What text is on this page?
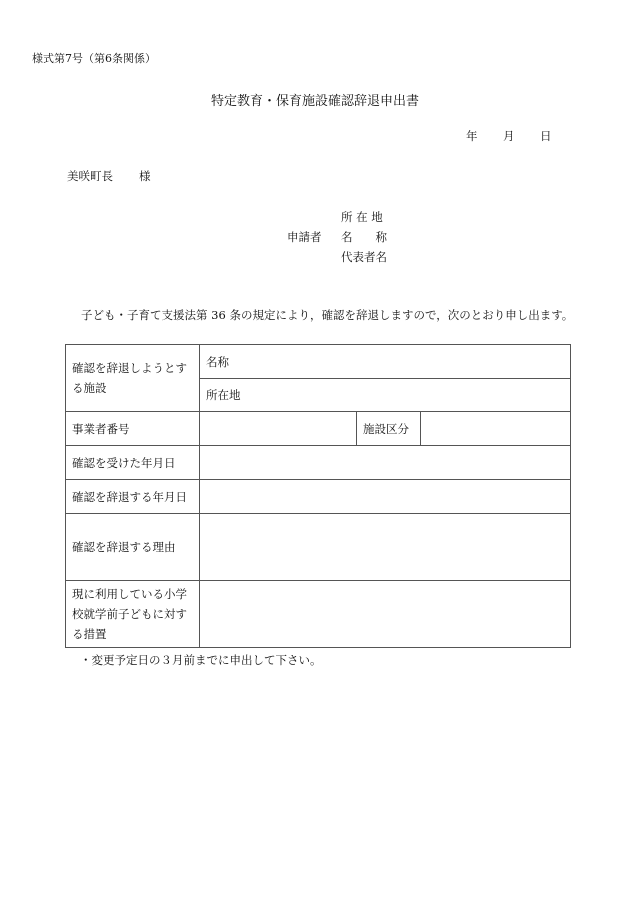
様式第7号（第6条関係）
特定教育・保育施設確認辞退申出書
年 月 日
美咲町長 様
所 在 地
申請者 名　　称
代表者名
子ども・子育て支援法第 36 条の規定により，確認を辞退しますので，次のとおり申し出ます。
確認を辞退しようとする施設	名称		
	所在地		
事業者番号		施設区分	
確認を受けた年月日			
確認を辞退する年月日			
確認を辞退する理由			
現に利用している小学校就学前子どもに対する措置			
・変更予定日の３月前までに申出して下さい。
